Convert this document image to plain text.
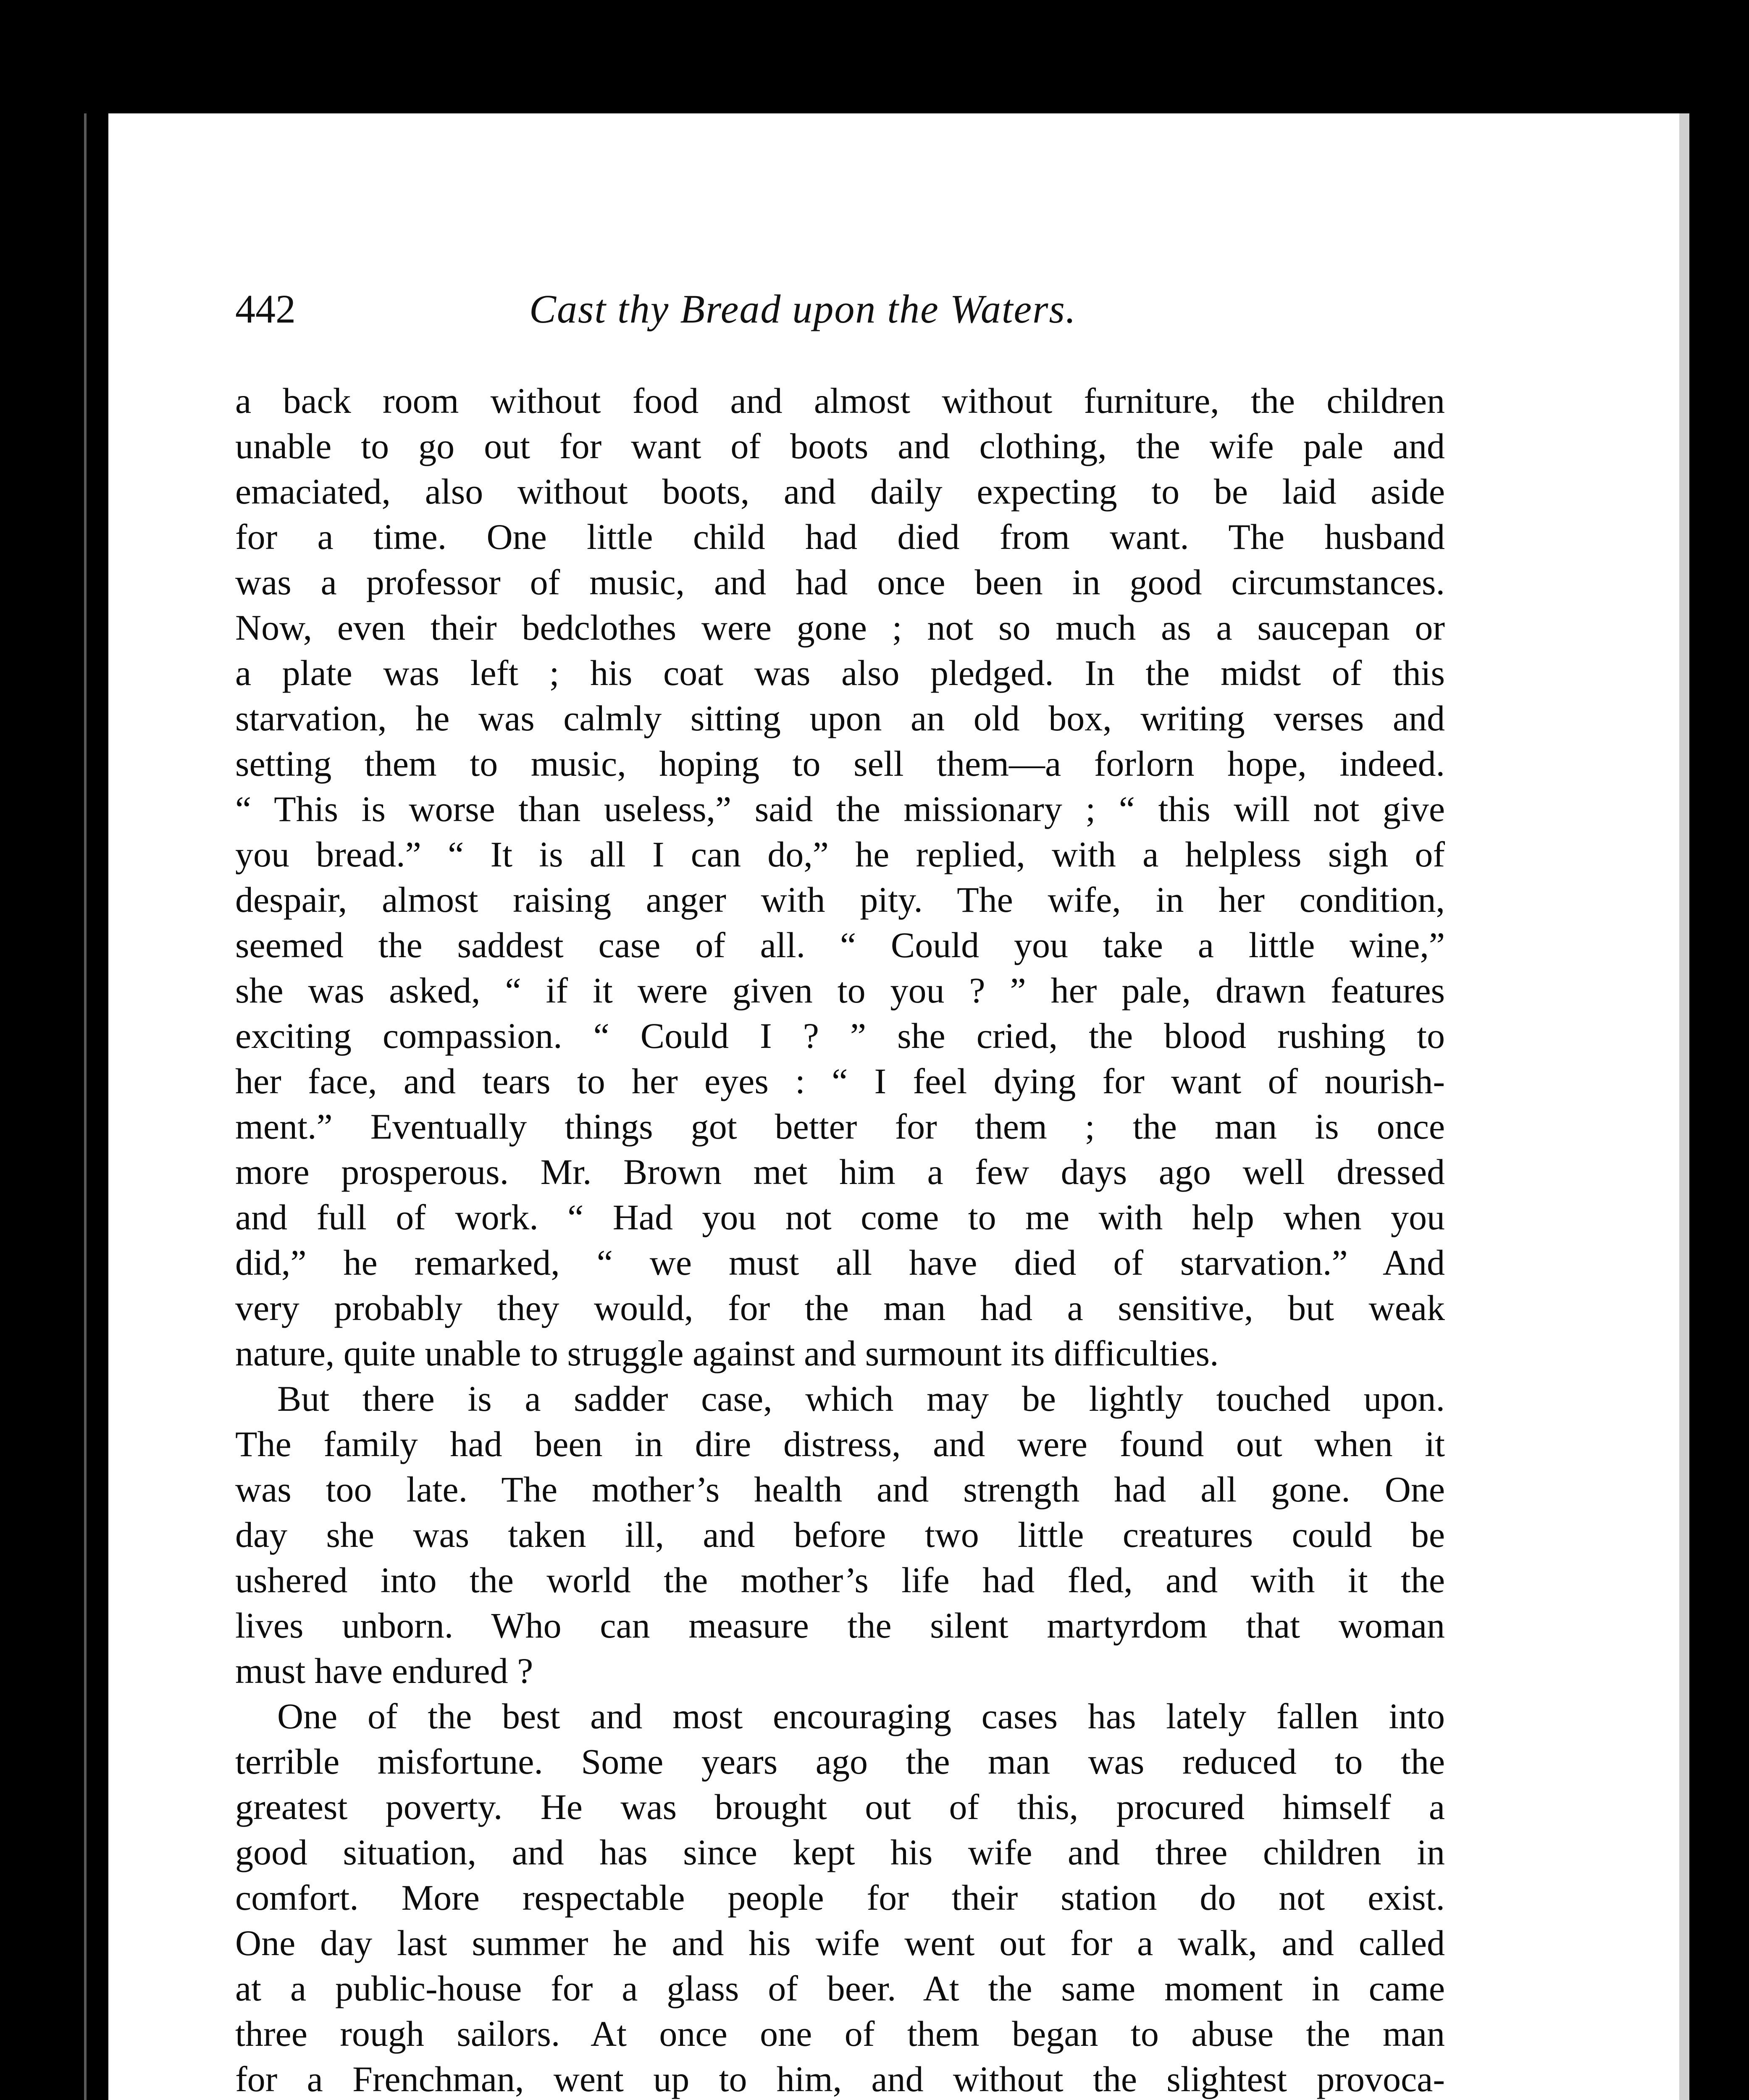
442	Cast thy Bread upon the Waters.
a back room without food and almost without furniture, the children
unable to go out for want of boots and clothing, the wife pale and
emaciated, also without boots, and daily expecting to be laid aside
for a time. One little child had died from want. The husband
was a professor of music, and had once been in good circumstances.
Now, even their bedclothes were gone ; not so much as a saucepan or
a plate was left ; his coat was also pledged. In the midst of this
starvation, he was calmly sitting upon an old box, writing verses and
setting them to music, hoping to sell them—a forlorn hope, indeed.
“ This is worse than useless,” said the missionary ; “ this will not give
you bread.” “ It is all I can do,” he replied, with a helpless sigh of
despair, almost raising anger with pity. The wife, in her condition,
seemed the saddest case of all. “ Could you take a little wine,”
she was asked, “ if it were given to you ? ” her pale, drawn features
exciting compassion. “ Could I ? ” she cried, the blood rushing to
her face, and tears to her eyes : “ I feel dying for want of nourish-
ment.” Eventually things got better for them ; the man is once
more prosperous. Mr. Brown met him a few days ago well dressed
and full of work. “ Had you not come to me with help when you
did,” he remarked, “ we must all have died of starvation.” And
very probably they would, for the man had a sensitive, but weak
nature, quite unable to struggle against and surmount its difficulties.
But there is a sadder case, which may be lightly touched upon.
The family had been in dire distress, and were found out when it
was too late. The mother’s health and strength had all gone. One
day she was taken ill, and before two little creatures could be
ushered into the world the mother’s life had fled, and with it the
lives unborn. Who can measure the silent martyrdom that woman
must have endured ?
One of the best and most encouraging cases has lately fallen into
terrible misfortune. Some years ago the man was reduced to the
greatest poverty. He was brought out of this, procured himself a
good situation, and has since kept his wife and three children in
comfort. More respectable people for their station do not exist.
One day last summer he and his wife went out for a walk, and called
at a public-house for a glass of beer. At the same moment in came
three rough sailors. At once one of them began to abuse the man
for a Frenchman, went up to him, and without the slightest provoca-
